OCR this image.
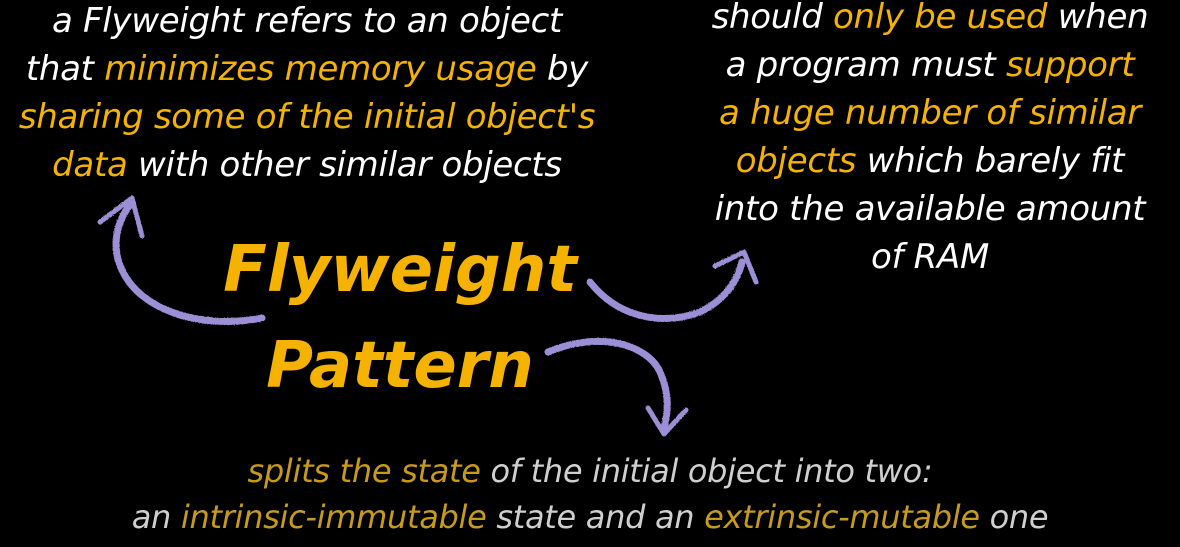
Flyweight
Pattern
a Flyweight refers to an object
that minimizes memory usage by
sharing some of the initial object's
data with other similar objects
should only be used when
a program must support
a huge number of similar
objects which barely fit
into the available amount
of RAM
splits the state of the initial object into two:
an intrinsic-immutable state and an extrinsic-mutable one
